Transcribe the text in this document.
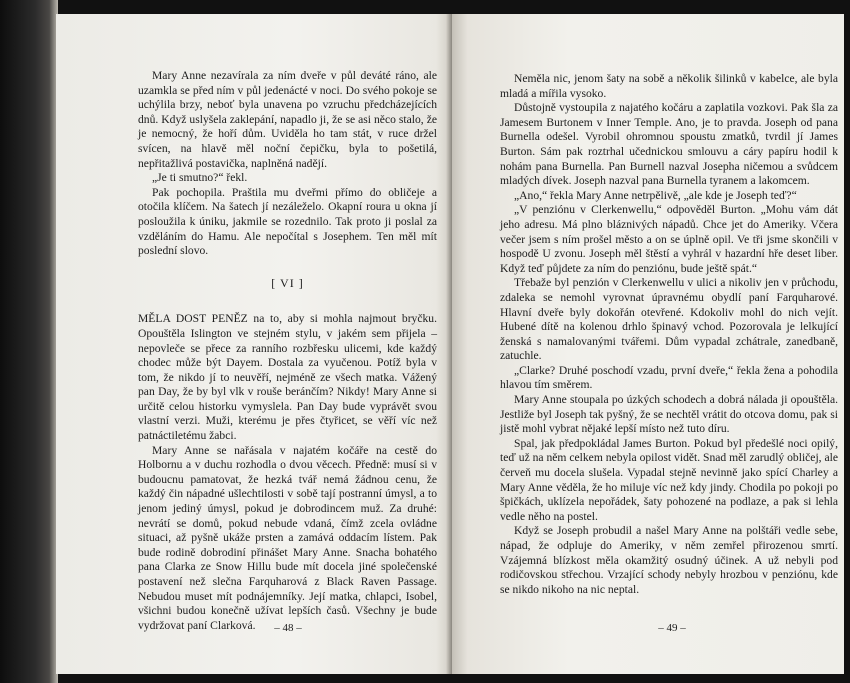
Mary Anne nezavírala za ním dveře v půl deváté ráno, ale uzamkla se před ním v půl jedenácté v noci. Do svého pokoje se uchýlila brzy, neboť byla unavena po vzruchu předcházejících dnů. Když uslyšela zaklepání, napadlo ji, že se asi něco stalo, že je nemocný, že hoří dům. Uviděla ho tam stát, v ruce držel svícen, na hlavě měl noční čepičku, byla to pošetilá, nepřitažlivá postavička, naplněná nadějí.

„Je ti smutno?“ řekl.

Pak pochopila. Praštila mu dveřmi přímo do obličeje a otočila klíčem. Na šatech jí nezáleželo. Okapní roura u okna jí posloužila k úniku, jakmile se rozednilo. Tak proto ji poslal za vzděláním do Hamu. Ale nepočítal s Josephem. Ten měl mít poslední slovo.

[ VI ]

MĚLA DOST PENĚZ na to, aby si mohla najmout bryčku. Opouštěla Islington ve stejném stylu, v jakém sem přijela – nepovleče se přece za ranního rozbřesku ulicemi, kde každý chodec může být Dayem. Dostala za vyučenou. Potíž byla v tom, že nikdo jí to neuvěří, nejméně ze všech matka. Vážený pan Day, že by byl vlk v rouše beránčím? Nikdy! Mary Anne si určitě celou historku vymyslela. Pan Day bude vyprávět svou vlastní verzi. Muži, kterému je přes čtyřicet, se věří víc než patnáctiletému žabci.

Mary Anne se nařásala v najatém kočáře na cestě do Holbornu a v duchu rozhodla o dvou věcech. Předně: musí si v budoucnu pamatovat, že hezká tvář nemá žádnou cenu, že každý čin nápadné ušlechtilosti v sobě tají postranní úmysl, a to jenom jediný úmysl, pokud je dobrodincem muž. Za druhé: nevrátí se domů, pokud nebude vdaná, čímž zcela ovládne situaci, až pyšně ukáže prsten a zamává oddacím lístem. Pak bude rodině dobrodiní přinášet Mary Anne. Snacha bohatého pana Clarka ze Snow Hillu bude mít docela jiné společenské postavení než slečna Farquharová z Black Raven Passage. Nebudou muset mít podnájemníky. Její matka, chlapci, Isobel, všichni budou konečně užívat lepších časů. Všechny je bude vydržovat paní Clarková.	– 48 –

Neměla nic, jenom šaty na sobě a několik šilinků v kabelce, ale byla mladá a mířila vysoko.

Důstojně vystoupila z najatého kočáru a zaplatila vozkovi. Pak šla za Jamesem Burtonem v Inner Temple. Ano, je to pravda. Joseph od pana Burnella odešel. Vyrobil ohromnou spoustu zmatků, tvrdil jí James Burton. Sám pak roztrhal učednickou smlouvu a cáry papíru hodil k nohám pana Burnella. Pan Burnell nazval Josepha ničemou a svůdcem mladých dívek. Joseph nazval pana Burnella tyranem a lakomcem.

„Ano,“ řekla Mary Anne netrpělivě, „ale kde je Joseph teď?“

„V penziónu v Clerkenwellu,“ odpověděl Burton. „Mohu vám dát jeho adresu. Má plno bláznivých nápadů. Chce jet do Ameriky. Včera večer jsem s ním prošel město a on se úplně opil. Ve tři jsme skončili v hospodě U zvonu. Joseph měl štěstí a vyhrál v hazardní hře deset liber. Když teď půjdete za ním do penziónu, bude ještě spát.“

Třebaže byl penzión v Clerkenwellu v ulici a nikoliv jen v průchodu, zdaleka se nemohl vyrovnat úpravnému obydlí paní Farquharové. Hlavní dveře byly dokořán otevřené. Kdokoliv mohl do nich vejít. Hubené dítě na kolenou drhlo špinavý vchod. Pozorovala je lelkující ženská s namalovanými tvářemi. Dům vypadal zchátrale, zanedbaně, zatuchle.

„Clarke? Druhé poschodí vzadu, první dveře,“ řekla žena a pohodila hlavou tím směrem.

Mary Anne stoupala po úzkých schodech a dobrá nálada ji opouštěla. Jestliže byl Joseph tak pyšný, že se nechtěl vrátit do otcova domu, pak si jistě mohl vybrat nějaké lepší místo než tuto díru.

Spal, jak předpokládal James Burton. Pokud byl předešlé noci opilý, teď už na něm celkem nebyla opilost vidět. Snad měl zarudlý obličej, ale červeň mu docela slušela. Vypadal stejně nevinně jako spící Charley a Mary Anne věděla, že ho miluje víc než kdy jindy. Chodila po pokoji po špičkách, uklízela nepořádek, šaty pohozené na podlaze, a pak si lehla vedle něho na postel.

Když se Joseph probudil a našel Mary Anne na polštáři vedle sebe, nápad, že odpluje do Ameriky, v něm zemřel přirozenou smrtí. Vzájemná blízkost měla okamžitý osudný účinek. A už nebyli pod rodičovskou střechou. Vrzající schody nebyly hrozbou v penziónu, kde se nikdo nikoho na nic neptal.

– 49 –
